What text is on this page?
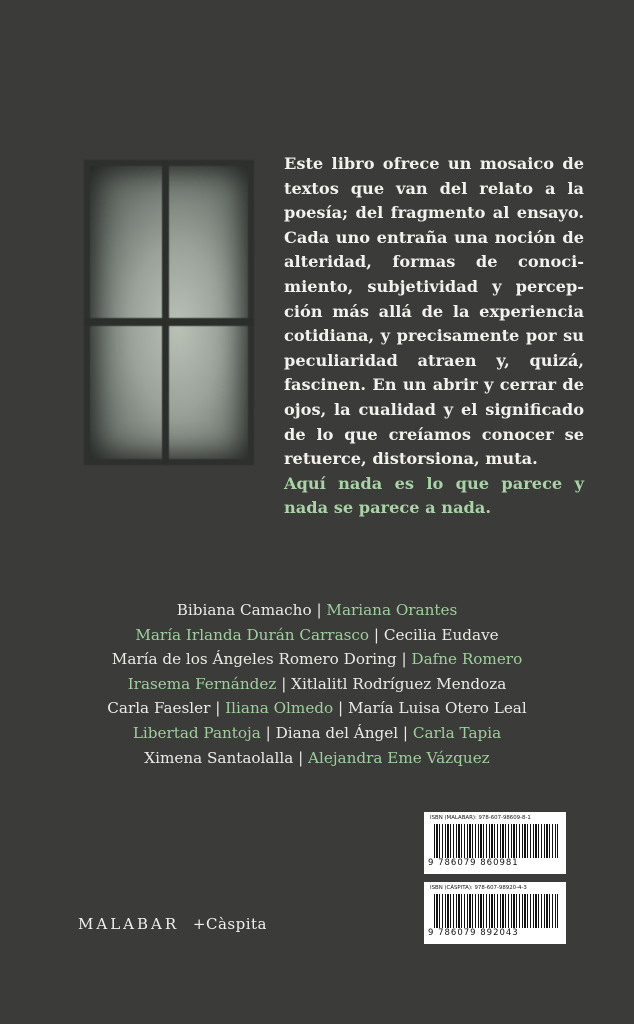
Este libro ofrece un mosaico de textos que van del relato a la poesía; del fragmento al ensayo. Cada uno entraña una noción de alteridad, formas de conocimiento, subjetividad y percepción más allá de la experiencia cotidiana, y precisamente por su peculiaridad atraen y, quizá, fascinen. En un abrir y cerrar de ojos, la cualidad y el significado de lo que creíamos conocer se retuerce, distorsiona, muta.

Aquí nada es lo que parece y nada se parece a nada.

Bibiana Camacho | Mariana Orantes
María Irlanda Durán Carrasco | Cecilia Eudave
María de los Ángeles Romero Doring | Dafne Romero
Irasema Fernández | Xitlalitl Rodríguez Mendoza
Carla Faesler | Iliana Olmedo | María Luisa Otero Leal
Libertad Pantoja | Diana del Ángel | Carla Tapia
Ximena Santaolalla | Alejandra Eme Vázquez
MALABAR +Càspita
ISBN (MALABAR): 978-607-98609-8-1
9 786079 860981
ISBN (CÀSPITA): 978-607-98920-4-3
9 786079 892043
